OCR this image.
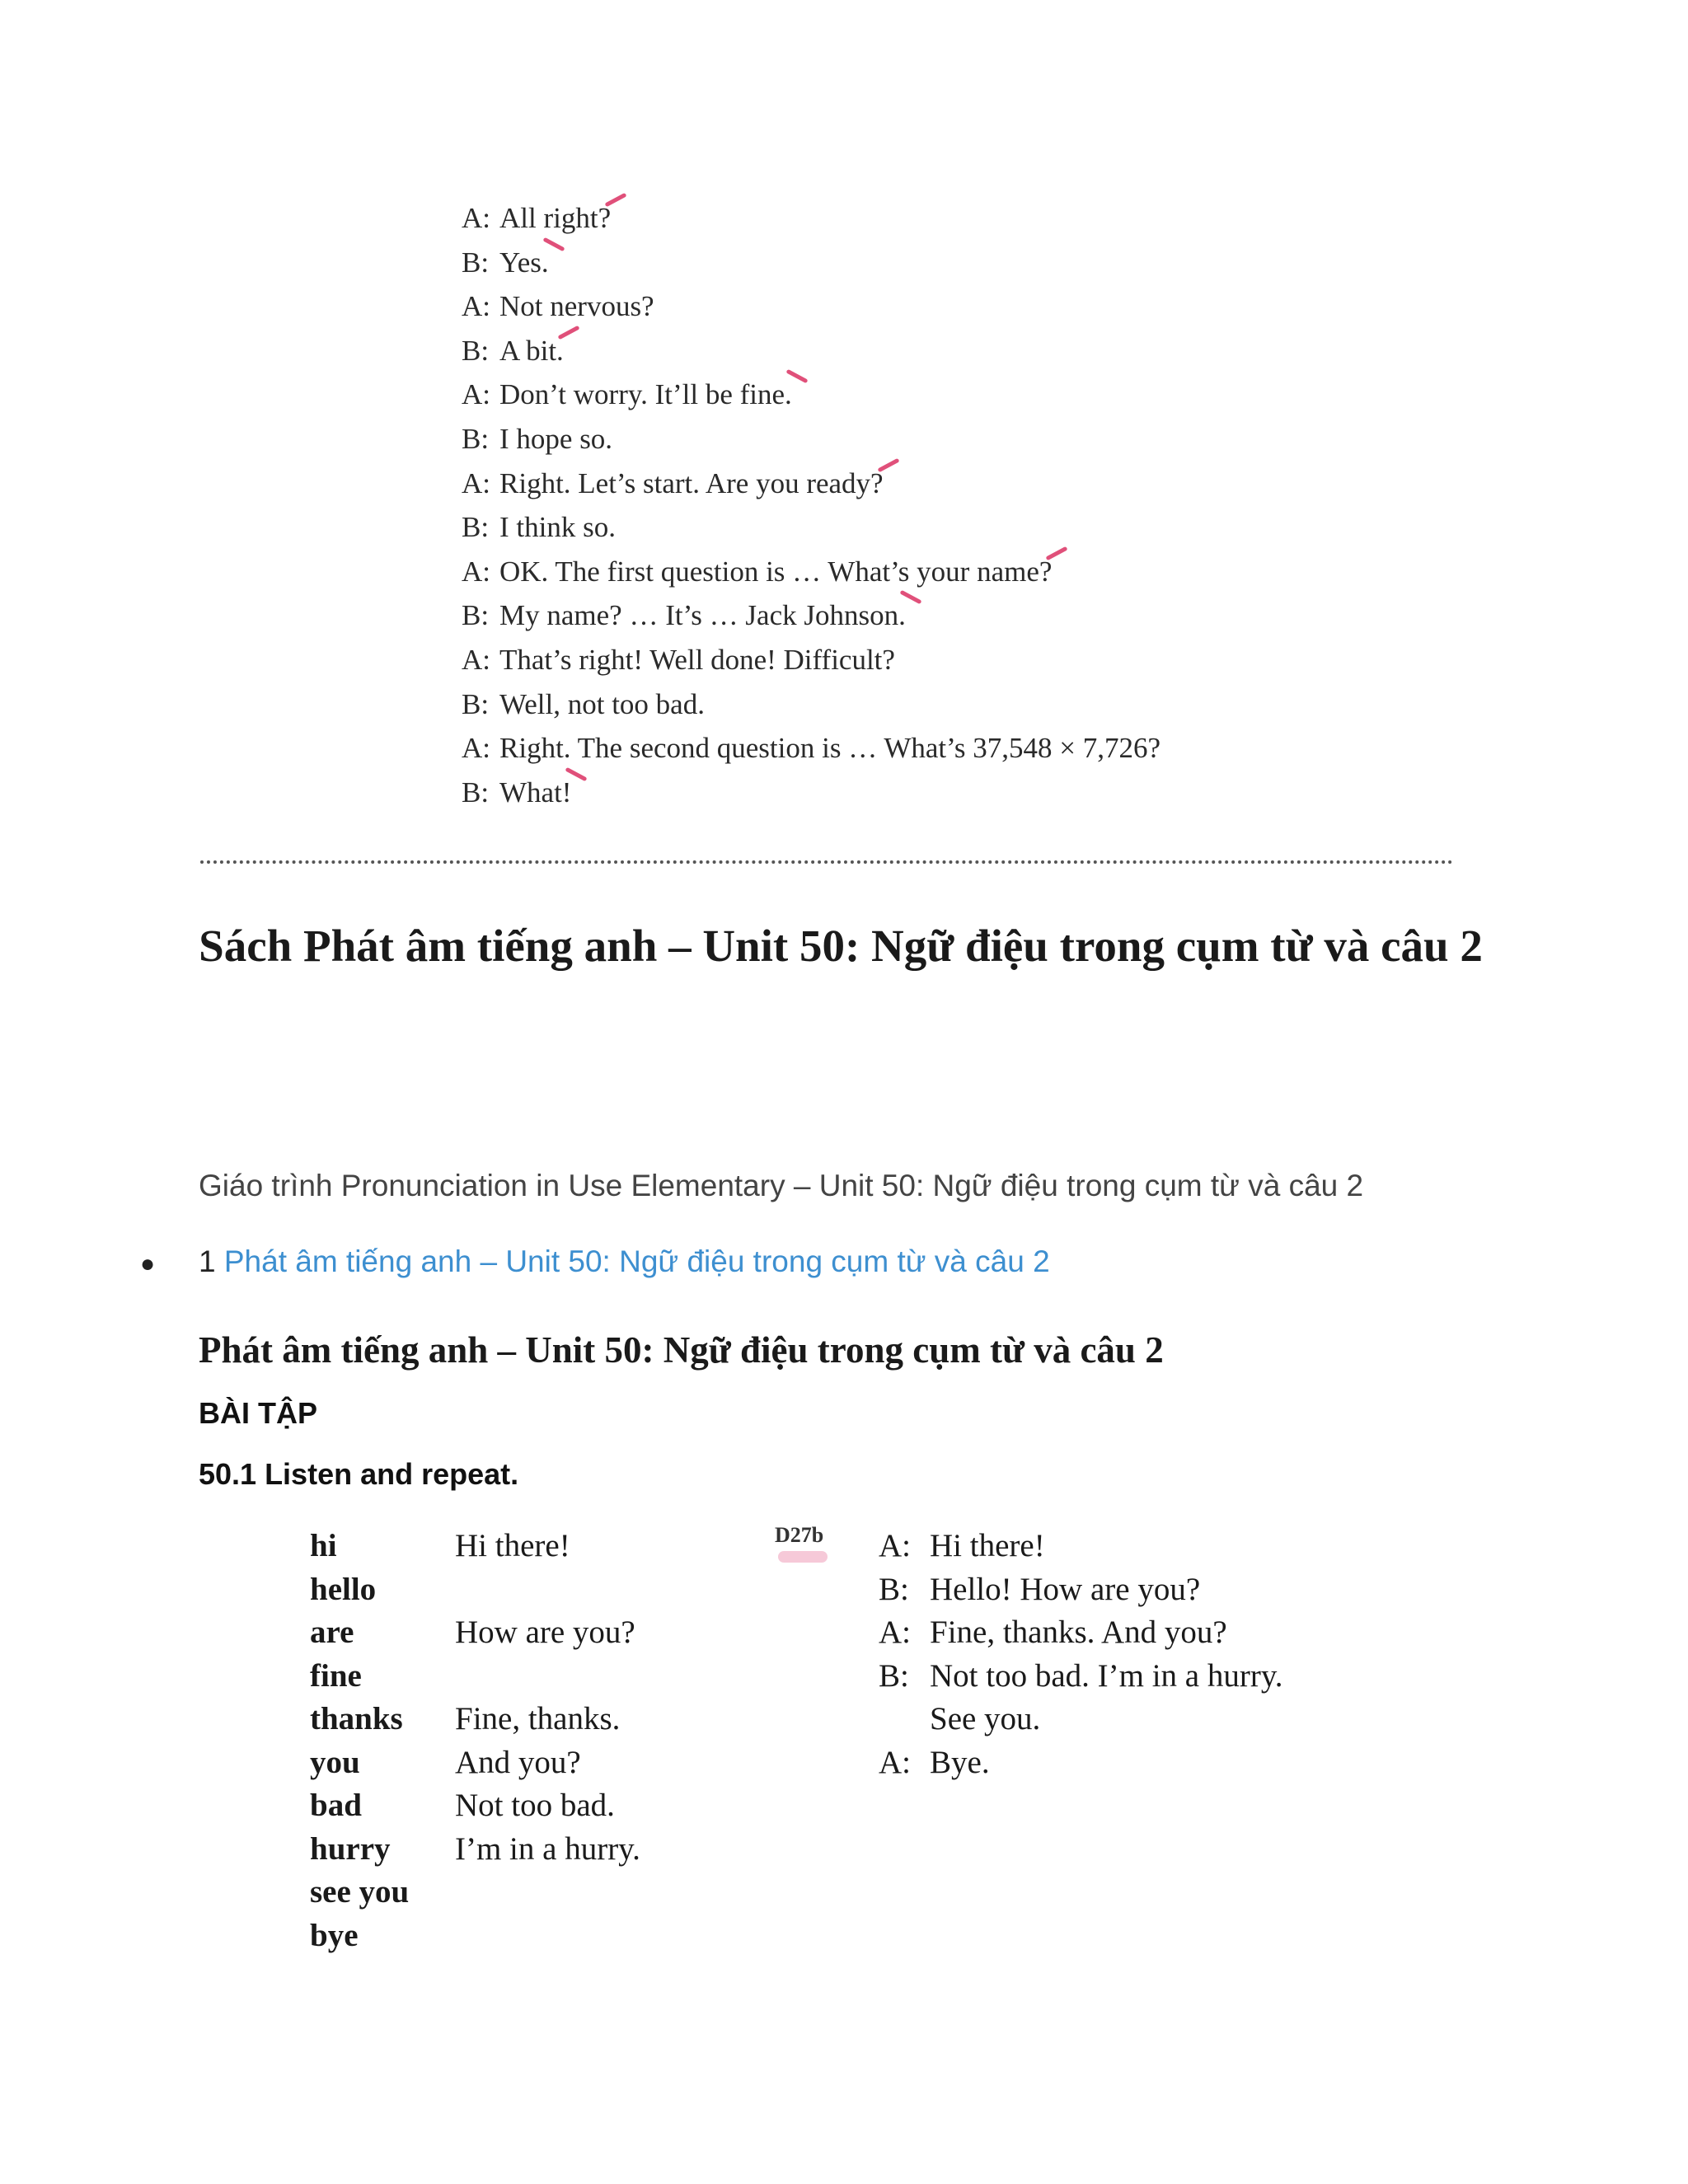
A: All right?
B: Yes.
A: Not nervous?
B: A bit.
A: Don’t worry. It’ll be fine.
B: I hope so.
A: Right. Let’s start. Are you ready?
B: I think so.
A: OK. The first question is … What’s your name?
B: My name? … It’s … Jack Johnson.
A: That’s right! Well done! Difficult?
B: Well, not too bad.
A: Right. The second question is … What’s 37,548 × 7,726?
B: What!
Sách Phát âm tiếng anh – Unit 50: Ngữ điệu trong cụm từ và câu 2
Giáo trình Pronunciation in Use Elementary – Unit 50: Ngữ điệu trong cụm từ và câu 2
● 1 Phát âm tiếng anh – Unit 50: Ngữ điệu trong cụm từ và câu 2
Phát âm tiếng anh – Unit 50: Ngữ điệu trong cụm từ và câu 2
BÀI TẬP
50.1 Listen and repeat.
hi
hello
are
fine
thanks
you
bad
hurry
see you
bye
Hi there!

How are you?

Fine, thanks.
And you?
Not too bad.
I’m in a hurry.
D27b A: Hi there!
B: Hello! How are you?
A: Fine, thanks. And you?
B: Not too bad. I’m in a hurry.
See you.
A: Bye.
